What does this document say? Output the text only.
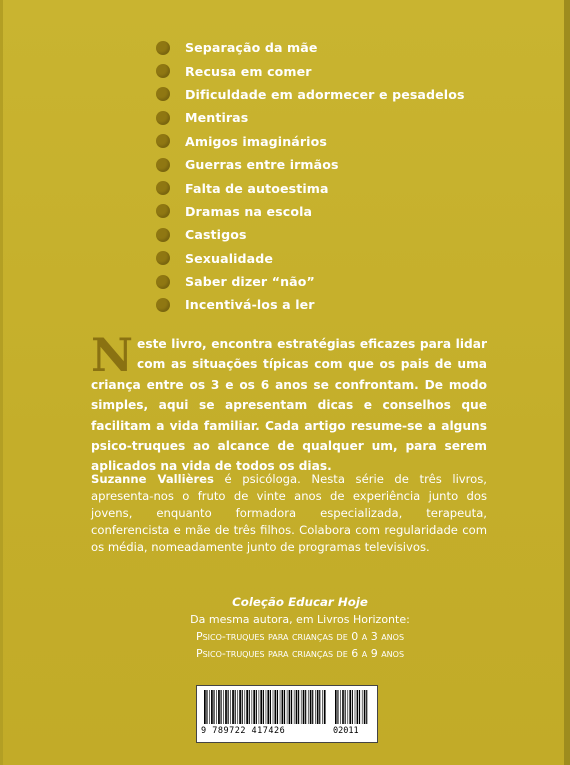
Separação da mãe
Recusa em comer
Dificuldade em adormecer e pesadelos
Mentiras
Amigos imaginários
Guerras entre irmãos
Falta de autoestima
Dramas na escola
Castigos
Sexualidade
Saber dizer “não”
Incentivá-los a ler
Neste livro, encontra estratégias eficazes para lidar com as situações típicas com que os pais de uma criança entre os 3 e os 6 anos se confrontam. De modo simples, aqui se apresentam dicas e conselhos que facilitam a vida familiar. Cada artigo resume-se a alguns psico-truques ao alcance de qualquer um, para serem aplicados na vida de todos os dias.
Suzanne Vallières é psicóloga. Nesta série de três livros, apresenta-nos o fruto de vinte anos de experiência junto dos jovens, enquanto formadora especializada, terapeuta, conferencista e mãe de três filhos. Colabora com regularidade com os média, nomeadamente junto de programas televisivos.
Coleção Educar Hoje
Da mesma autora, em Livros Horizonte:
Psico-truques para crianças de 0 a 3 anos
Psico-truques para crianças de 6 a 9 anos
9 789722 417426	02011
